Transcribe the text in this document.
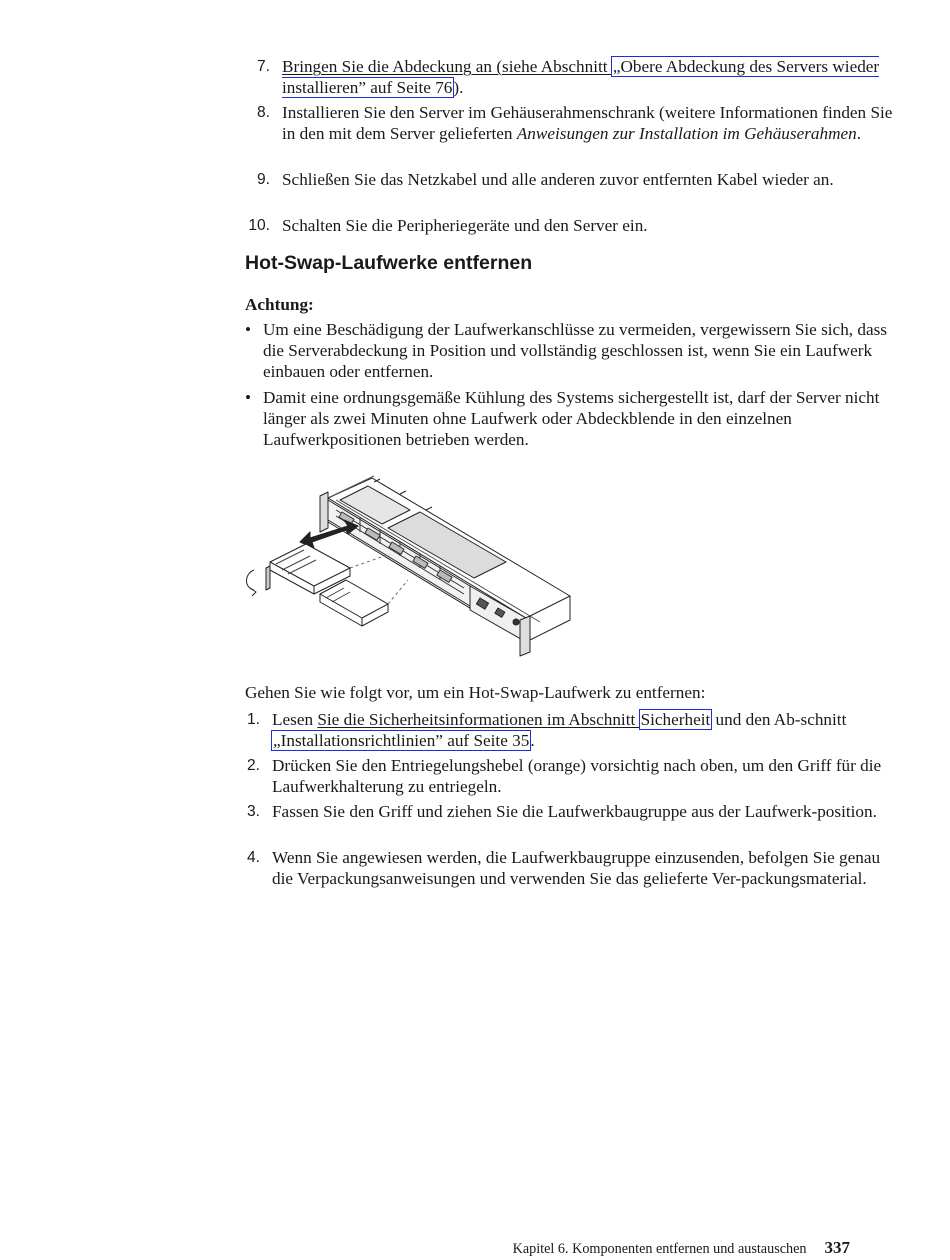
7. Bringen Sie die Abdeckung an (siehe Abschnitt „Obere Abdeckung des Servers wieder installieren” auf Seite 76).
8. Installieren Sie den Server im Gehäuserahmenschrank (weitere Informationen finden Sie in den mit dem Server gelieferten Anweisungen zur Installation im Gehäuserahmen.
9. Schließen Sie das Netzkabel und alle anderen zuvor entfernten Kabel wieder an.
10. Schalten Sie die Peripheriegeräte und den Server ein.
Hot-Swap-Laufwerke entfernen
Achtung:
• Um eine Beschädigung der Laufwerkanschlüsse zu vermeiden, vergewissern Sie sich, dass die Serverabdeckung in Position und vollständig geschlossen ist, wenn Sie ein Laufwerk einbauen oder entfernen.
• Damit eine ordnungsgemäße Kühlung des Systems sichergestellt ist, darf der Server nicht länger als zwei Minuten ohne Laufwerk oder Abdeckblende in den einzelnen Laufwerkpositionen betrieben werden.
Gehen Sie wie folgt vor, um ein Hot-Swap-Laufwerk zu entfernen:
1. Lesen Sie die Sicherheitsinformationen im Abschnitt Sicherheit und den Ab-schnitt „Installationsrichtlinien” auf Seite 35.
2. Drücken Sie den Entriegelungshebel (orange) vorsichtig nach oben, um den Griff für die Laufwerkhalterung zu entriegeln.
3. Fassen Sie den Griff und ziehen Sie die Laufwerkbaugruppe aus der Laufwerk-position.
4. Wenn Sie angewiesen werden, die Laufwerkbaugruppe einzusenden, befolgen Sie genau die Verpackungsanweisungen und verwenden Sie das gelieferte Ver-packungsmaterial.
Kapitel 6. Komponenten entfernen und austauschen 337
